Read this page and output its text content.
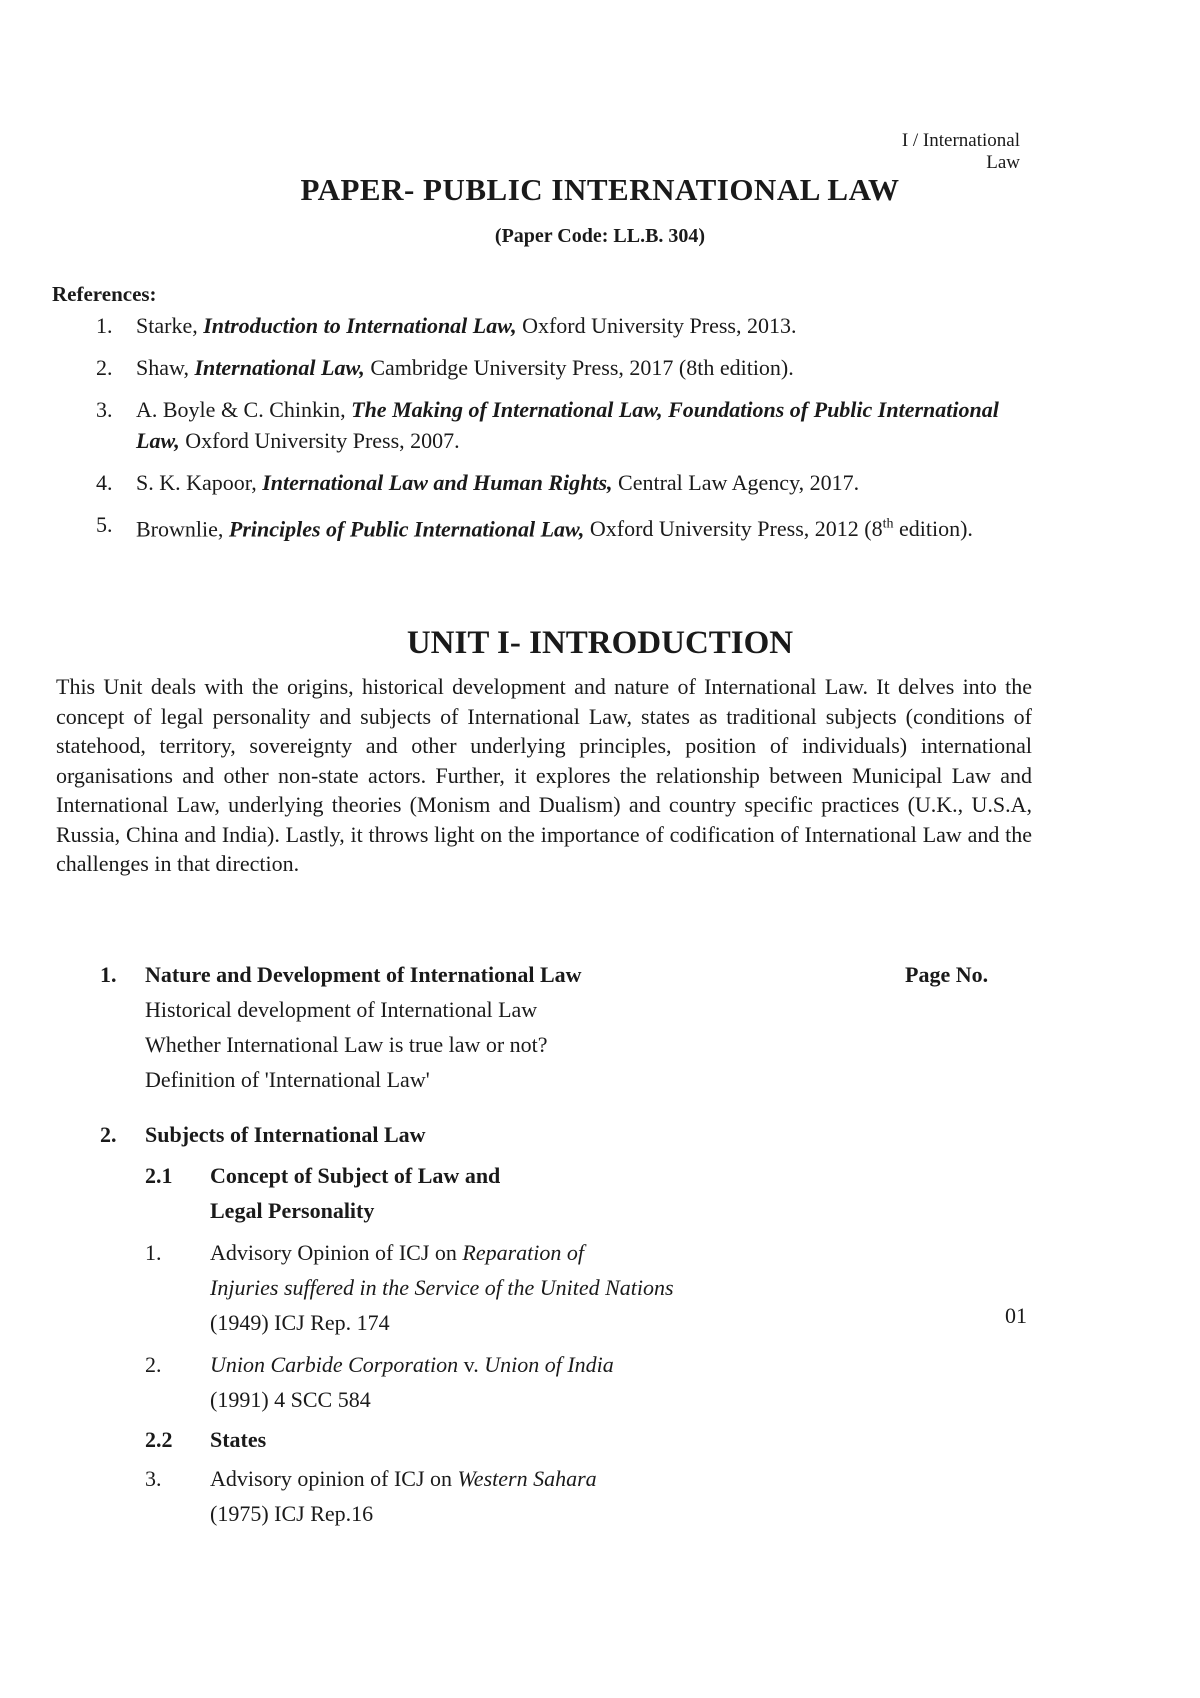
I / International Law
PAPER- PUBLIC INTERNATIONAL LAW
(Paper Code: LL.B. 304)
References:
1. Starke, Introduction to International Law, Oxford University Press, 2013.
2. Shaw, International Law, Cambridge University Press, 2017 (8th edition).
3. A. Boyle & C. Chinkin, The Making of International Law, Foundations of Public International Law, Oxford University Press, 2007.
4. S. K. Kapoor, International Law and Human Rights, Central Law Agency, 2017.
5. Brownlie, Principles of Public International Law, Oxford University Press, 2012 (8th edition).
UNIT I- INTRODUCTION

This Unit deals with the origins, historical development and nature of International Law. It delves into the concept of legal personality and subjects of International Law, states as traditional subjects (conditions of statehood, territory, sovereignty and other underlying principles, position of individuals) international organisations and other non-state actors. Further, it explores the relationship between Municipal Law and International Law, underlying theories (Monism and Dualism) and country specific practices (U.K., U.S.A, Russia, China and India). Lastly, it throws light on the importance of codification of International Law and the challenges in that direction.

1. Nature and Development of International Law	Page No.
Historical development of International Law
Whether International Law is true law or not?
Definition of 'International Law'
2. Subjects of International Law
2.1 Concept of Subject of Law and
Legal Personality
1. Advisory Opinion of ICJ on Reparation of
Injuries suffered in the Service of the United Nations
(1949) ICJ Rep. 174	01
2. Union Carbide Corporation v. Union of India
(1991) 4 SCC 584
2.2 States
3. Advisory opinion of ICJ on Western Sahara
(1975) ICJ Rep.16
